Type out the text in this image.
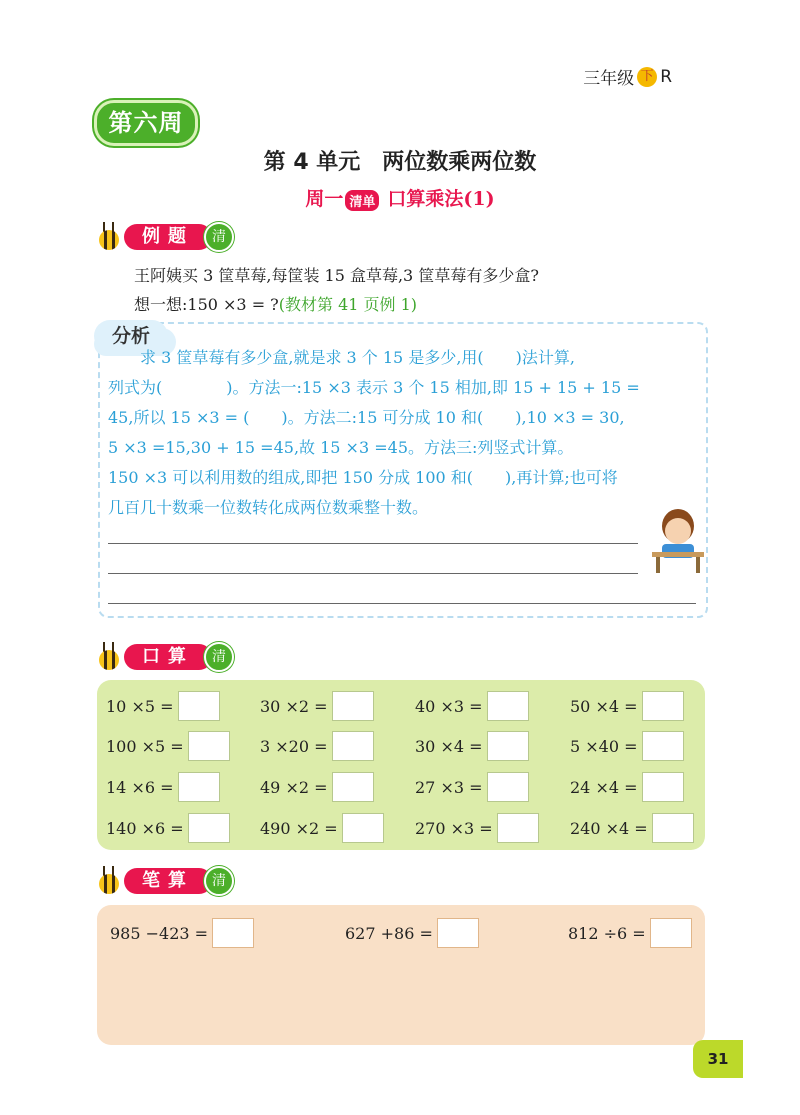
三年级 下 R
第六周
第 4 单元　两位数乘两位数
周一 清单 口算乘法(1)
例题	清
王阿姨买 3 筐草莓,每筐装 15 盒草莓,3 筐草莓有多少盒?
想一想:150 ×3 = ?(教材第 41 页例 1)
分析
　　求 3 筐草莓有多少盒,就是求 3 个 15 是多少,用(　　)法计算,
列式为(　　　　)。方法一:15 ×3 表示 3 个 15 相加,即 15 + 15 + 15 =
45,所以 15 ×3 = (　　)。方法二:15 可分成 10 和(　　),10 ×3 = 30,
5 ×3 =15,30 + 15 =45,故 15 ×3 =45。方法三:列竖式计算。
150 ×3 可以利用数的组成,即把 150 分成 100 和(　　),再计算;也可将
几百几十数乘一位数转化成两位数乘整十数。
口算	清
10 ×5 =	30 ×2 =	40 ×3 =	50 ×4 =
100 ×5 =	3 ×20 =	30 ×4 =	5 ×40 =
14 ×6 =	49 ×2 =	27 ×3 =	24 ×4 =
140 ×6 =	490 ×2 =	270 ×3 =	240 ×4 =
笔算	清
985 −423 =	627 +86 =	812 ÷6 =
31
